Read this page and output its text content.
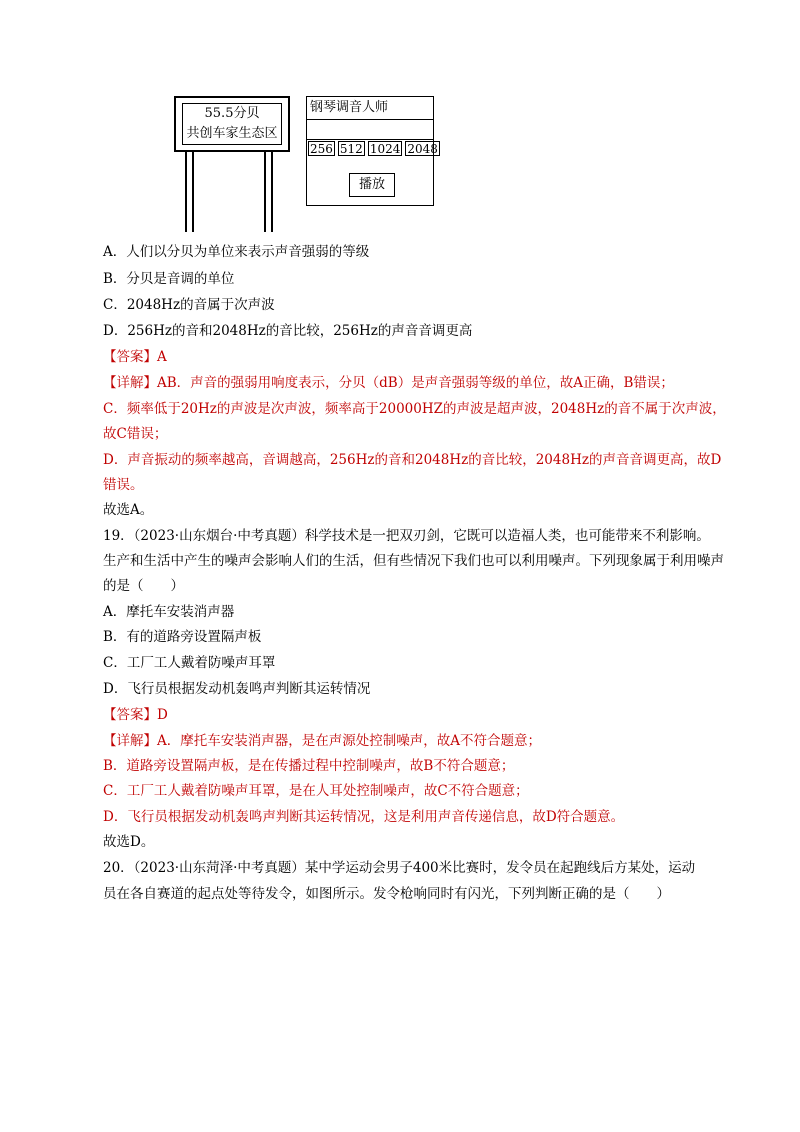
55.5分贝
共创车家生态区
钢琴调音人师
256 512 1024 2048
播放
A．人们以分贝为单位来表示声音强弱的等级
B．分贝是音调的单位
C．2048Hz的音属于次声波
D．256Hz的音和2048Hz的音比较，256Hz的声音音调更高
【答案】A
【详解】AB．声音的强弱用响度表示，分贝（dB）是声音强弱等级的单位，故A正确，B错误；
C．频率低于20Hz的声波是次声波，频率高于20000HZ的声波是超声波，2048Hz的音不属于次声波，
故C错误；
D．声音振动的频率越高，音调越高，256Hz的音和2048Hz的音比较，2048Hz的声音音调更高，故D
错误。
故选A。
19．（2023·山东烟台·中考真题）科学技术是一把双刃剑，它既可以造福人类，也可能带来不利影响。
生产和生活中产生的噪声会影响人们的生活，但有些情况下我们也可以利用噪声。下列现象属于利用噪声
的是（　　）
A．摩托车安装消声器
B．有的道路旁设置隔声板
C．工厂工人戴着防噪声耳罩
D．飞行员根据发动机轰鸣声判断其运转情况
【答案】D
【详解】A．摩托车安装消声器，是在声源处控制噪声，故A不符合题意；
B．道路旁设置隔声板，是在传播过程中控制噪声，故B不符合题意；
C．工厂工人戴着防噪声耳罩，是在人耳处控制噪声，故C不符合题意；
D．飞行员根据发动机轰鸣声判断其运转情况，这是利用声音传递信息，故D符合题意。
故选D。
20．（2023·山东菏泽·中考真题）某中学运动会男子400米比赛时，发令员在起跑线后方某处，运动
员在各自赛道的起点处等待发令，如图所示。发令枪响同时有闪光，下列判断正确的是（　　）
